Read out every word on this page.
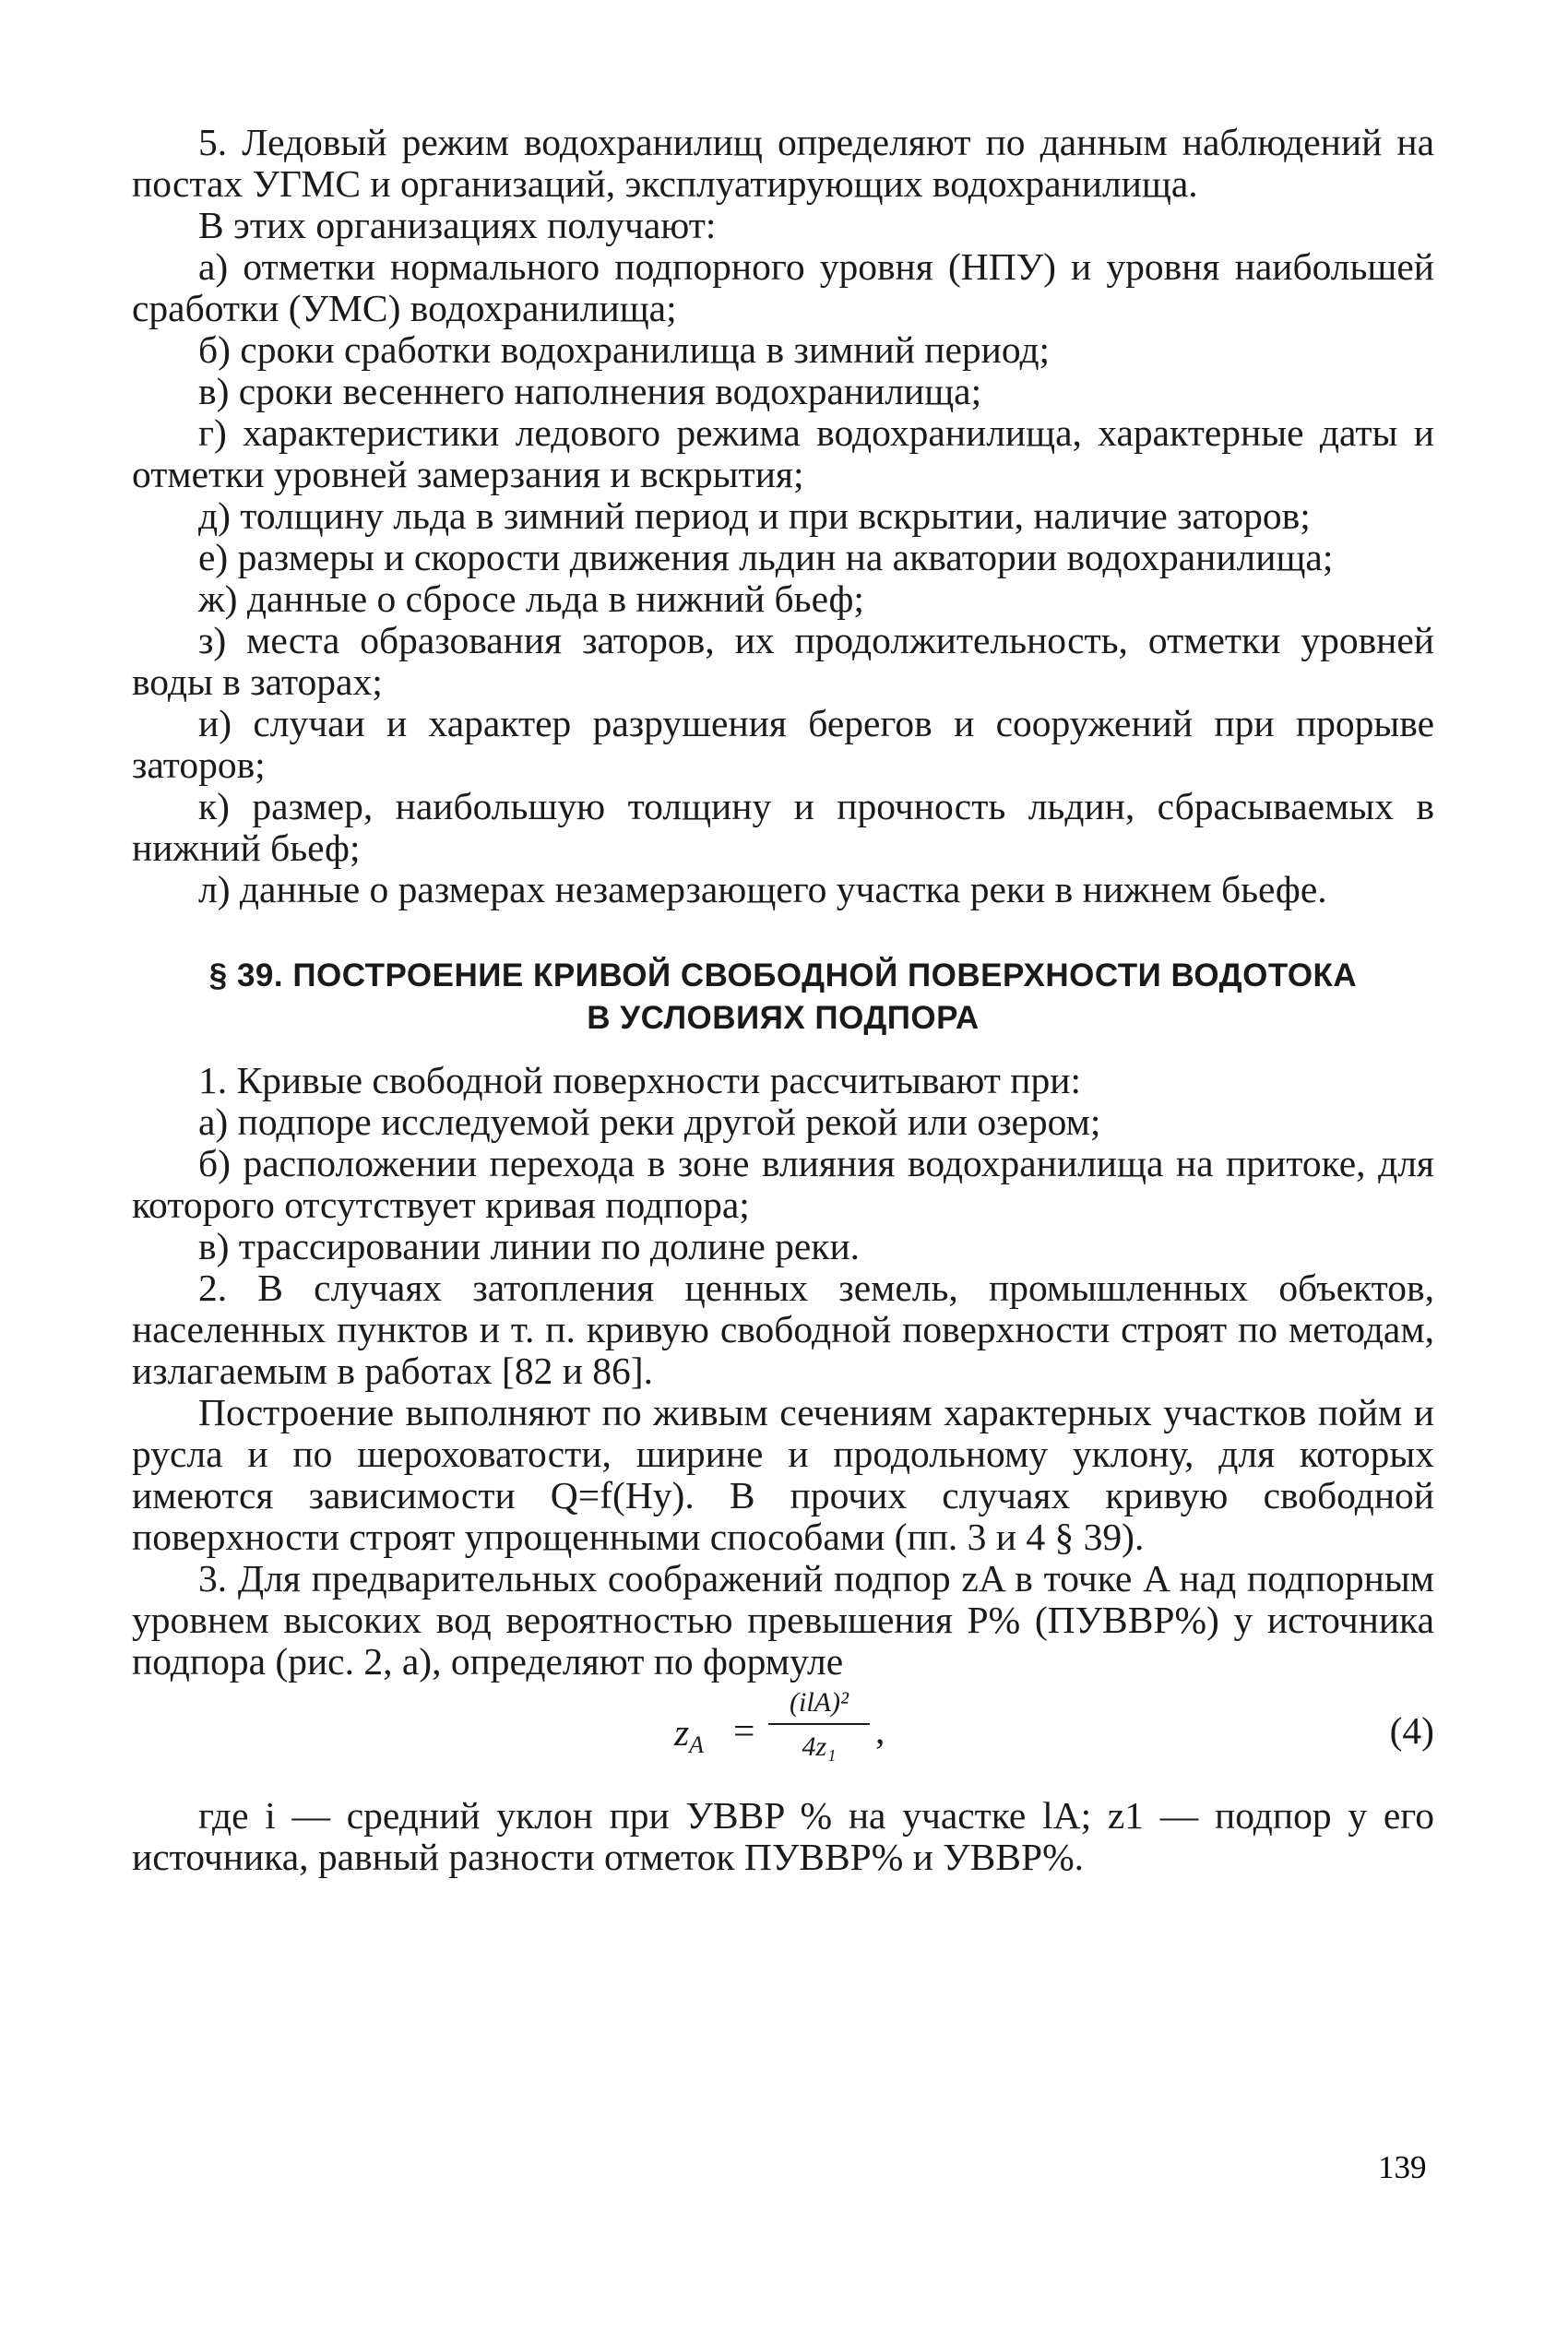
5. Ледовый режим водохранилищ определяют по данным наблюдений на постах УГМС и организаций, эксплуатирующих водохранилища.

В этих организациях получают:

а) отметки нормального подпорного уровня (НПУ) и уровня наибольшей сработки (УМС) водохранилища;

б) сроки сработки водохранилища в зимний период;

в) сроки весеннего наполнения водохранилища;

г) характеристики ледового режима водохранилища, характерные даты и отметки уровней замерзания и вскрытия;

д) толщину льда в зимний период и при вскрытии, наличие заторов;

е) размеры и скорости движения льдин на акватории водохранилища;

ж) данные о сбросе льда в нижний бьеф;

з) места образования заторов, их продолжительность, отметки уровней воды в заторах;

и) случаи и характер разрушения берегов и сооружений при прорыве заторов;

к) размер, наибольшую толщину и прочность льдин, сбрасываемых в нижний бьеф;

л) данные о размерах незамерзающего участка реки в нижнем бьефе.

§ 39. ПОСТРОЕНИЕ КРИВОЙ СВОБОДНОЙ ПОВЕРХНОСТИ ВОДОТОКА

В УСЛОВИЯХ ПОДПОРА

1. Кривые свободной поверхности рассчитывают при:

а) подпоре исследуемой реки другой рекой или озером;

б) расположении перехода в зоне влияния водохранилища на притоке, для которого отсутствует кривая подпора;

в) трассировании линии по долине реки.

2. В случаях затопления ценных земель, промышленных объектов, населенных пунктов и т. п. кривую свободной поверхности строят по методам, излагаемым в работах [82 и 86].

Построение выполняют по живым сечениям характерных участков пойм и русла и по шероховатости, ширине и продольному уклону, для которых имеются зависимости Q=f(Hу). В прочих случаях кривую свободной поверхности строят упрощенными способами (пп. 3 и 4 § 39).

3. Для предварительных соображений подпор zA в точке A над подпорным уровнем высоких вод вероятностью превышения P% (ПУВВP%) у источника подпора (рис. 2, а), определяют по формуле

$z_A$ =
(ilA)²
4z₁	,	(4)

где i — средний уклон при УВВP % на участке lA; z1 — подпор у его источника, равный разности отметок ПУВВP% и УВВP%.

139
